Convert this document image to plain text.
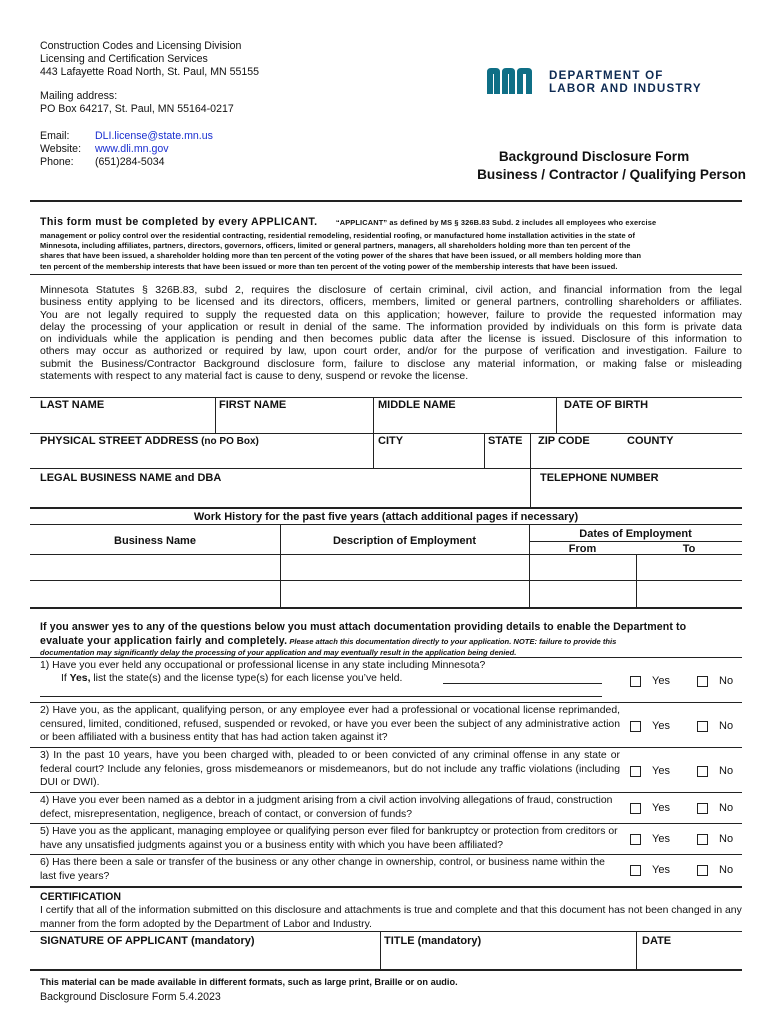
Construction Codes and Licensing Division
Licensing and Certification Services
443 Lafayette Road North, St. Paul, MN 55155
Mailing address:
PO Box 64217, St. Paul, MN 55164-0217
Email: DLI.license@state.mn.us
Website: www.dli.mn.gov
Phone: (651)284-5034
DEPARTMENT OF
LABOR AND INDUSTRY
Background Disclosure Form
Business / Contractor / Qualifying Person
This form must be completed by every APPLICANT. “APPLICANT” as defined by MS § 326B.83 Subd. 2 includes all employees who exercise
management or policy control over the residential contracting, residential remodeling, residential roofing, or manufactured home installation activities in the state of
Minnesota, including affiliates, partners, directors, governors, officers, limited or general partners, managers, all shareholders holding more than ten percent of the
shares that have been issued, a shareholder holding more than ten percent of the voting power of the shares that have been issued, or all members holding more than
ten percent of the membership interests that have been issued or more than ten percent of the voting power of the membership interests that have been issued.
Minnesota Statutes § 326B.83, subd 2, requires the disclosure of certain criminal, civil action, and financial information from the legal
business entity applying to be licensed and its directors, officers, members, limited or general partners, controlling shareholders or affiliates.
You are not legally required to supply the requested data on this application; however, failure to provide the requested information may
delay the processing of your application or result in denial of the same. The information provided by individuals on this form is private data
on individuals while the application is pending and then becomes public data after the license is issued. Disclosure of this information to
others may occur as authorized or required by law, upon court order, and/or for the purpose of verification and investigation. Failure to
submit the Business/Contractor Background disclosure form, failure to disclose any material information, or making false or misleading
statements with respect to any material fact is cause to deny, suspend or revoke the license.
LAST NAME	FIRST NAME	MIDDLE NAME	DATE OF BIRTH
PHYSICAL STREET ADDRESS (no PO Box)	CITY	STATE ZIP CODE	COUNTY
LEGAL BUSINESS NAME and DBA	TELEPHONE NUMBER
Work History for the past five years (attach additional pages if necessary)
Business Name	Description of Employment
Dates of Employment
From	To
If you answer yes to any of the questions below you must attach documentation providing details to enable the Department to
evaluate your application fairly and completely. Please attach this documentation directly to your application. NOTE: failure to provide this
documentation may significantly delay the processing of your application and may eventually result in the application being denied.
1) Have you ever held any occupational or professional license in any state including Minnesota?
If Yes, list the state(s) and the license type(s) for each license you’ve held.	Yes	No
2) Have you, as the applicant, qualifying person, or any employee ever had a professional or vocational license reprimanded, censured, limited, conditioned, refused, suspended or revoked, or have you ever been the subject of any administrative action or been affiliated with a business entity that has had action taken against it?
Yes	No
3) In the past 10 years, have you been charged with, pleaded to or been convicted of any criminal offense in any state or federal court? Include any felonies, gross misdemeanors or misdemeanors, but do not include any traffic violations (including DUI or DWI).
Yes	No
4) Have you ever been named as a debtor in a judgment arising from a civil action involving allegations of fraud, construction defect, misrepresentation, negligence, breach of contact, or conversion of funds?
Yes	No
5) Have you as the applicant, managing employee or qualifying person ever filed for bankruptcy or protection from creditors or have any unsatisfied judgments against you or a business entity with which you have been affiliated?
Yes	No
6) Has there been a sale or transfer of the business or any other change in ownership, control, or business name within the last five years?
Yes	No
CERTIFICATION
I certify that all of the information submitted on this disclosure and attachments is true and complete and that this document has not been changed in any manner from the form adopted by the Department of Labor and Industry.
SIGNATURE OF APPLICANT (mandatory)	TITLE (mandatory)	DATE
This material can be made available in different formats, such as large print, Braille or on audio.
Background Disclosure Form 5.4.2023
